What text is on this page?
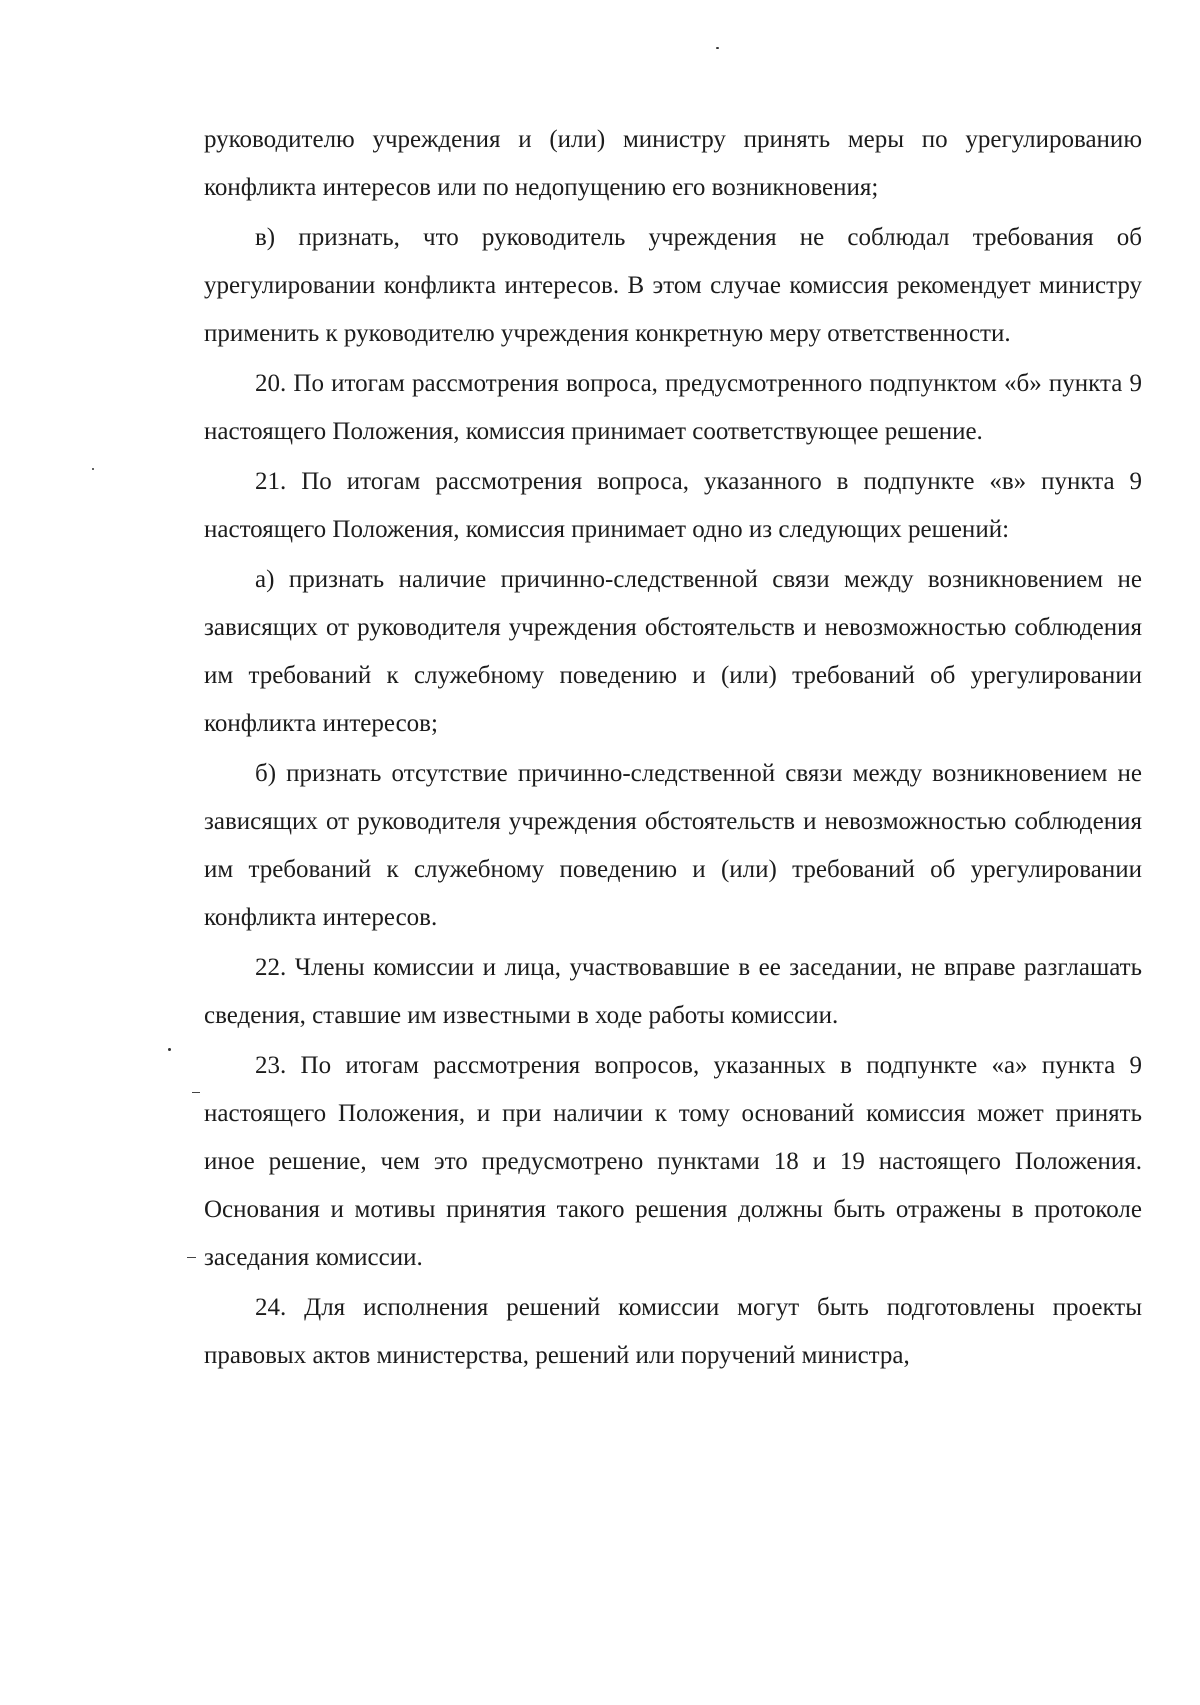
руководителю учреждения и (или) министру принять меры по урегулированию конфликта интересов или по недопущению его возникновения;

в) признать, что руководитель учреждения не соблюдал требования об урегулировании конфликта интересов. В этом случае комиссия рекомендует министру применить к руководителю учреждения конкретную меру ответственности.

20. По итогам рассмотрения вопроса, предусмотренного подпунктом «б» пункта 9 настоящего Положения, комиссия принимает соответствующее решение.

21. По итогам рассмотрения вопроса, указанного в подпункте «в» пункта 9 настоящего Положения, комиссия принимает одно из следующих решений:

а) признать наличие причинно-следственной связи между возникновением не зависящих от руководителя учреждения обстоятельств и невозможностью соблюдения им требований к служебному поведению и (или) требований об урегулировании конфликта интересов;

б) признать отсутствие причинно-следственной связи между возникновением не зависящих от руководителя учреждения обстоятельств и невозможностью соблюдения им требований к служебному поведению и (или) требований об урегулировании конфликта интересов.

22. Члены комиссии и лица, участвовавшие в ее заседании, не вправе разглашать сведения, ставшие им известными в ходе работы комиссии.

23. По итогам рассмотрения вопросов, указанных в подпункте «а» пункта 9 настоящего Положения, и при наличии к тому оснований комиссия может принять иное решение, чем это предусмотрено пунктами 18 и 19 настоящего Положения. Основания и мотивы принятия такого решения должны быть отражены в протоколе заседания комиссии.

24. Для исполнения решений комиссии могут быть подготовлены проекты правовых актов министерства, решений или поручений министра,
